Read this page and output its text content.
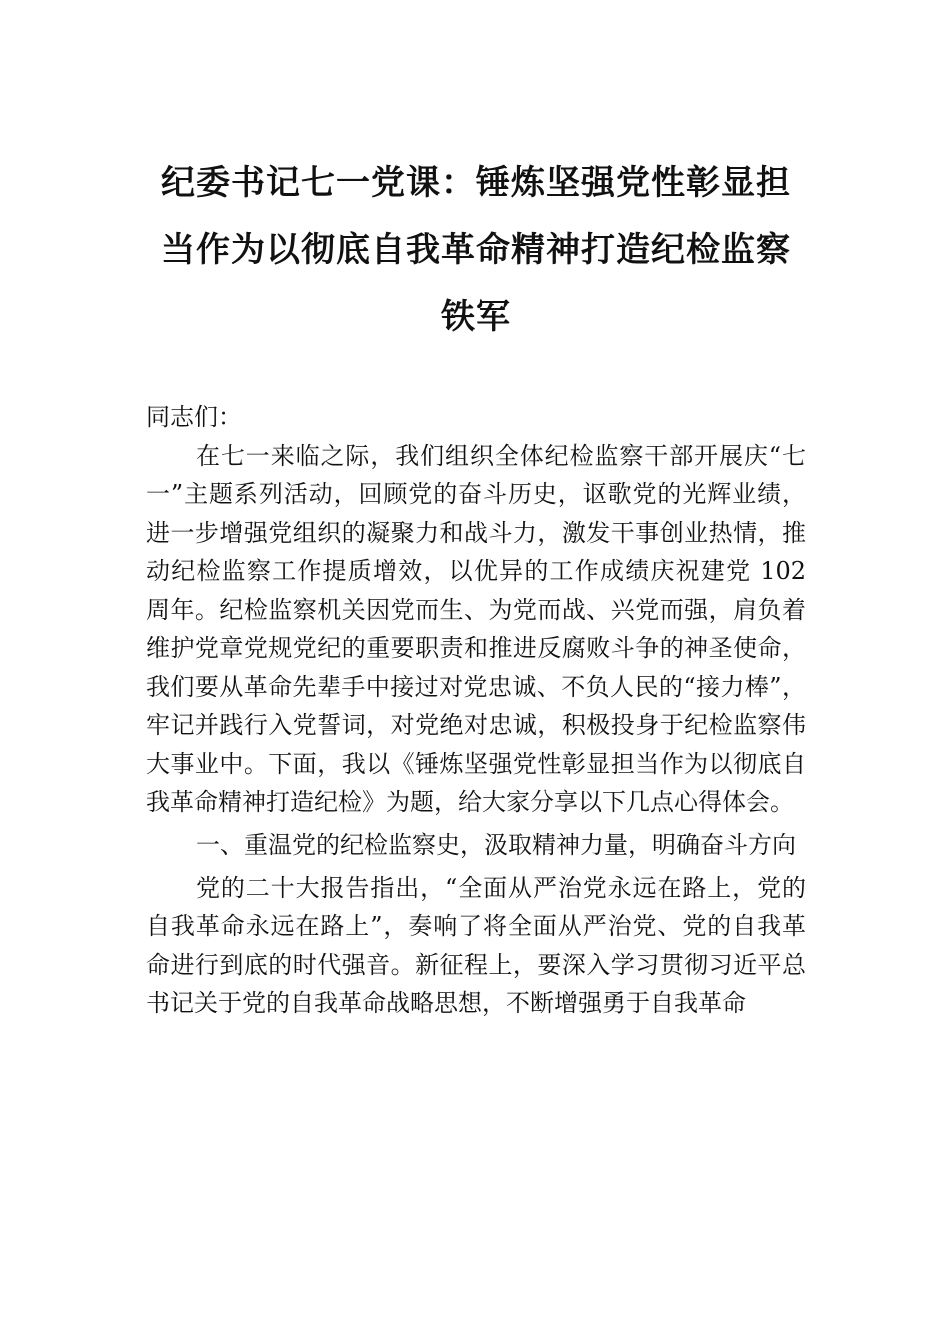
纪委书记七一党课：锤炼坚强党性彰显担
当作为以彻底自我革命精神打造纪检监察
铁军

同志们：

在七一来临之际，我们组织全体纪检监察干部开展庆“七一”主题系列活动，回顾党的奋斗历史，讴歌党的光辉业绩，进一步增强党组织的凝聚力和战斗力，激发干事创业热情，推动纪检监察工作提质增效，以优异的工作成绩庆祝建党 102 周年。纪检监察机关因党而生、为党而战、兴党而强，肩负着维护党章党规党纪的重要职责和推进反腐败斗争的神圣使命，我们要从革命先辈手中接过对党忠诚、不负人民的“接力棒”，牢记并践行入党誓词，对党绝对忠诚，积极投身于纪检监察伟大事业中。下面，我以《锤炼坚强党性彰显担当作为以彻底自我革命精神打造纪检》为题，给大家分享以下几点心得体会。

一、重温党的纪检监察史，汲取精神力量，明确奋斗方向

党的二十大报告指出，“全面从严治党永远在路上，党的自我革命永远在路上”，奏响了将全面从严治党、党的自我革命进行到底的时代强音。新征程上，要深入学习贯彻习近平总书记关于党的自我革命战略思想，不断增强勇于自我革命
